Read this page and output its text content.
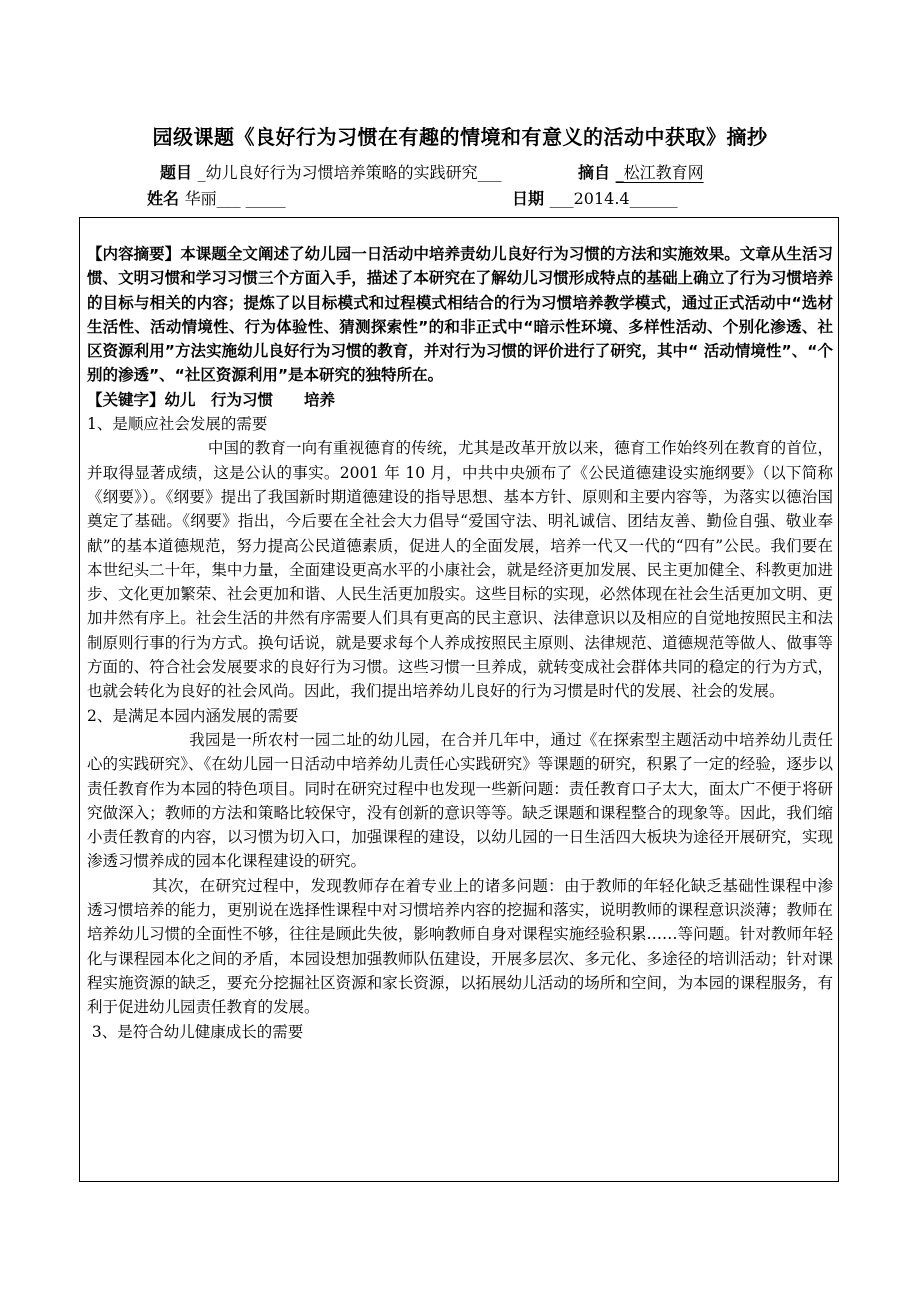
园级课题《良好行为习惯在有趣的情境和有意义的活动中获取》摘抄
题目 _幼儿良好行为习惯培养策略的实践研究___	摘自 _松江教育网
姓名 华丽___ _____	日期 ___2014.4______

【内容摘要】本课题全文阐述了幼儿园一日活动中培养责幼儿良好行为习惯的方法和实施效果。文章从生活习惯、文明习惯和学习习惯三个方面入手，描述了本研究在了解幼儿习惯形成特点的基础上确立了行为习惯培养的目标与相关的内容；提炼了以目标模式和过程模式相结合的行为习惯培养教学模式，通过正式活动中“选材生活性、活动情境性、行为体验性、猜测探索性”的和非正式中“暗示性环境、多样性活动、个别化渗透、社区资源利用”方法实施幼儿良好行为习惯的教育，并对行为习惯的评价进行了研究，其中“ 活动情境性”、“个别的渗透”、“社区资源利用”是本研究的独特所在。

【关键字】幼儿　行为习惯　　培养

1、是顺应社会发展的需要

中国的教育一向有重视德育的传统，尤其是改革开放以来，德育工作始终列在教育的首位，并取得显著成绩，这是公认的事实。2001 年 10 月，中共中央颁布了《公民道德建设实施纲要》（以下简称《纲要》）。《纲要》提出了我国新时期道德建设的指导思想、基本方针、原则和主要内容等，为落实以德治国奠定了基础。《纲要》指出，今后要在全社会大力倡导“爱国守法、明礼诚信、团结友善、勤俭自强、敬业奉献”的基本道德规范，努力提高公民道德素质，促进人的全面发展，培养一代又一代的“四有”公民。我们要在本世纪头二十年，集中力量，全面建设更高水平的小康社会，就是经济更加发展、民主更加健全、科教更加进步、文化更加繁荣、社会更加和谐、人民生活更加殷实。这些目标的实现，必然体现在社会生活更加文明、更加井然有序上。社会生活的井然有序需要人们具有更高的民主意识、法律意识以及相应的自觉地按照民主和法制原则行事的行为方式。换句话说，就是要求每个人养成按照民主原则、法律规范、道德规范等做人、做事等方面的、符合社会发展要求的良好行为习惯。这些习惯一旦养成，就转变成社会群体共同的稳定的行为方式，也就会转化为良好的社会风尚。因此，我们提出培养幼儿良好的行为习惯是时代的发展、社会的发展。

2、是满足本园内涵发展的需要

我园是一所农村一园二址的幼儿园，在合并几年中，通过《在探索型主题活动中培养幼儿责任心的实践研究》、《在幼儿园一日活动中培养幼儿责任心实践研究》等课题的研究，积累了一定的经验，逐步以责任教育作为本园的特色项目。同时在研究过程中也发现一些新问题：责任教育口子太大，面太广不便于将研究做深入；教师的方法和策略比较保守，没有创新的意识等等。缺乏课题和课程整合的现象等。因此，我们缩小责任教育的内容，以习惯为切入口，加强课程的建设，以幼儿园的一日生活四大板块为途径开展研究，实现渗透习惯养成的园本化课程建设的研究。

其次，在研究过程中，发现教师存在着专业上的诸多问题：由于教师的年轻化缺乏基础性课程中渗透习惯培养的能力，更别说在选择性课程中对习惯培养内容的挖掘和落实，说明教师的课程意识淡薄；教师在培养幼儿习惯的全面性不够，往往是顾此失彼，影响教师自身对课程实施经验积累……等问题。针对教师年轻化与课程园本化之间的矛盾，本园设想加强教师队伍建设，开展多层次、多元化、多途径的培训活动；针对课程实施资源的缺乏，要充分挖掘社区资源和家长资源，以拓展幼儿活动的场所和空间，为本园的课程服务，有利于促进幼儿园责任教育的发展。

3、是符合幼儿健康成长的需要
